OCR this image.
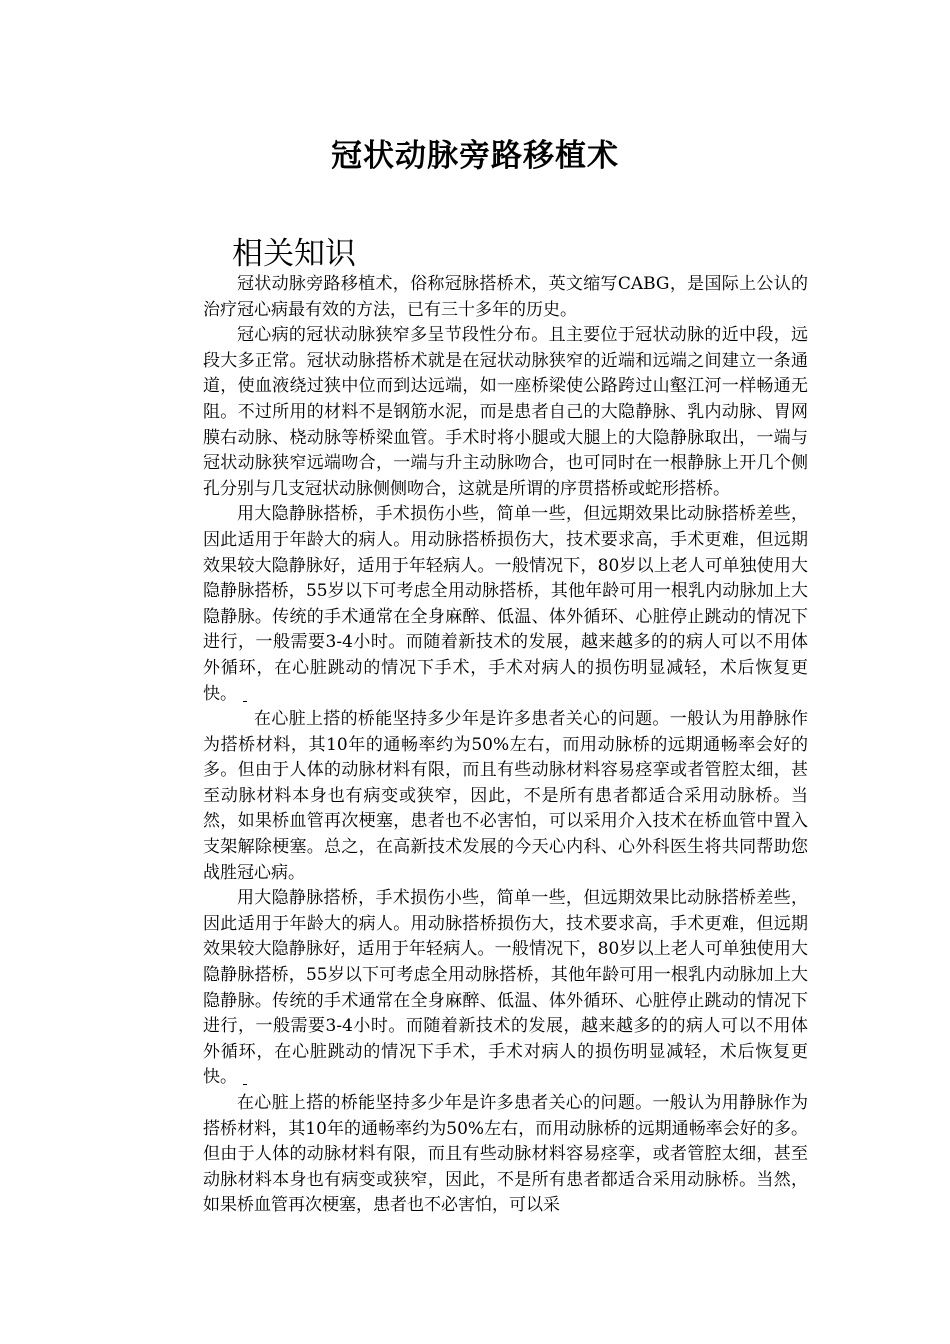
冠状动脉旁路移植术
相关知识

冠状动脉旁路移植术，俗称冠脉搭桥术，英文缩写CABG，是国际上公认的治疗冠心病最有效的方法，已有三十多年的历史。

冠心病的冠状动脉狭窄多呈节段性分布。且主要位于冠状动脉的近中段，远段大多正常。冠状动脉搭桥术就是在冠状动脉狭窄的近端和远端之间建立一条通道，使血液绕过狭中位而到达远端，如一座桥梁使公路跨过山壑江河一样畅通无阻。不过所用的材料不是钢筋水泥，而是患者自己的大隐静脉、乳内动脉、胃网膜右动脉、桡动脉等桥梁血管。手术时将小腿或大腿上的大隐静脉取出，一端与冠状动脉狭窄远端吻合，一端与升主动脉吻合，也可同时在一根静脉上开几个侧孔分别与几支冠状动脉侧侧吻合，这就是所谓的序贯搭桥或蛇形搭桥。

用大隐静脉搭桥，手术损伤小些，简单一些，但远期效果比动脉搭桥差些，因此适用于年龄大的病人。用动脉搭桥损伤大，技术要求高，手术更难，但远期效果较大隐静脉好，适用于年轻病人。一般情况下，80岁以上老人可单独使用大隐静脉搭桥，55岁以下可考虑全用动脉搭桥，其他年龄可用一根乳内动脉加上大隐静脉。传统的手术通常在全身麻醉、低温、体外循环、心脏停止跳动的情况下进行，一般需要3-4小时。而随着新技术的发展，越来越多的的病人可以不用体外循环，在心脏跳动的情况下手术，手术对病人的损伤明显减轻，术后恢复更快。

在心脏上搭的桥能坚持多少年是许多患者关心的问题。一般认为用静脉作为搭桥材料，其10年的通畅率约为50%左右，而用动脉桥的远期通畅率会好的多。但由于人体的动脉材料有限，而且有些动脉材料容易痉挛或者管腔太细，甚至动脉材料本身也有病变或狭窄，因此，不是所有患者都适合采用动脉桥。当然，如果桥血管再次梗塞，患者也不必害怕，可以采用介入技术在桥血管中置入支架解除梗塞。总之，在高新技术发展的今天心内科、心外科医生将共同帮助您战胜冠心病。

用大隐静脉搭桥，手术损伤小些，简单一些，但远期效果比动脉搭桥差些，因此适用于年龄大的病人。用动脉搭桥损伤大，技术要求高，手术更难，但远期效果较大隐静脉好，适用于年轻病人。一般情况下，80岁以上老人可单独使用大隐静脉搭桥，55岁以下可考虑全用动脉搭桥，其他年龄可用一根乳内动脉加上大隐静脉。传统的手术通常在全身麻醉、低温、体外循环、心脏停止跳动的情况下进行，一般需要3-4小时。而随着新技术的发展，越来越多的的病人可以不用体外循环，在心脏跳动的情况下手术，手术对病人的损伤明显减轻，术后恢复更快。

在心脏上搭的桥能坚持多少年是许多患者关心的问题。一般认为用静脉作为搭桥材料，其10年的通畅率约为50%左右，而用动脉桥的远期通畅率会好的多。但由于人体的动脉材料有限，而且有些动脉材料容易痉挛，或者管腔太细，甚至动脉材料本身也有病变或狭窄，因此，不是所有患者都适合采用动脉桥。当然，如果桥血管再次梗塞，患者也不必害怕，可以采
